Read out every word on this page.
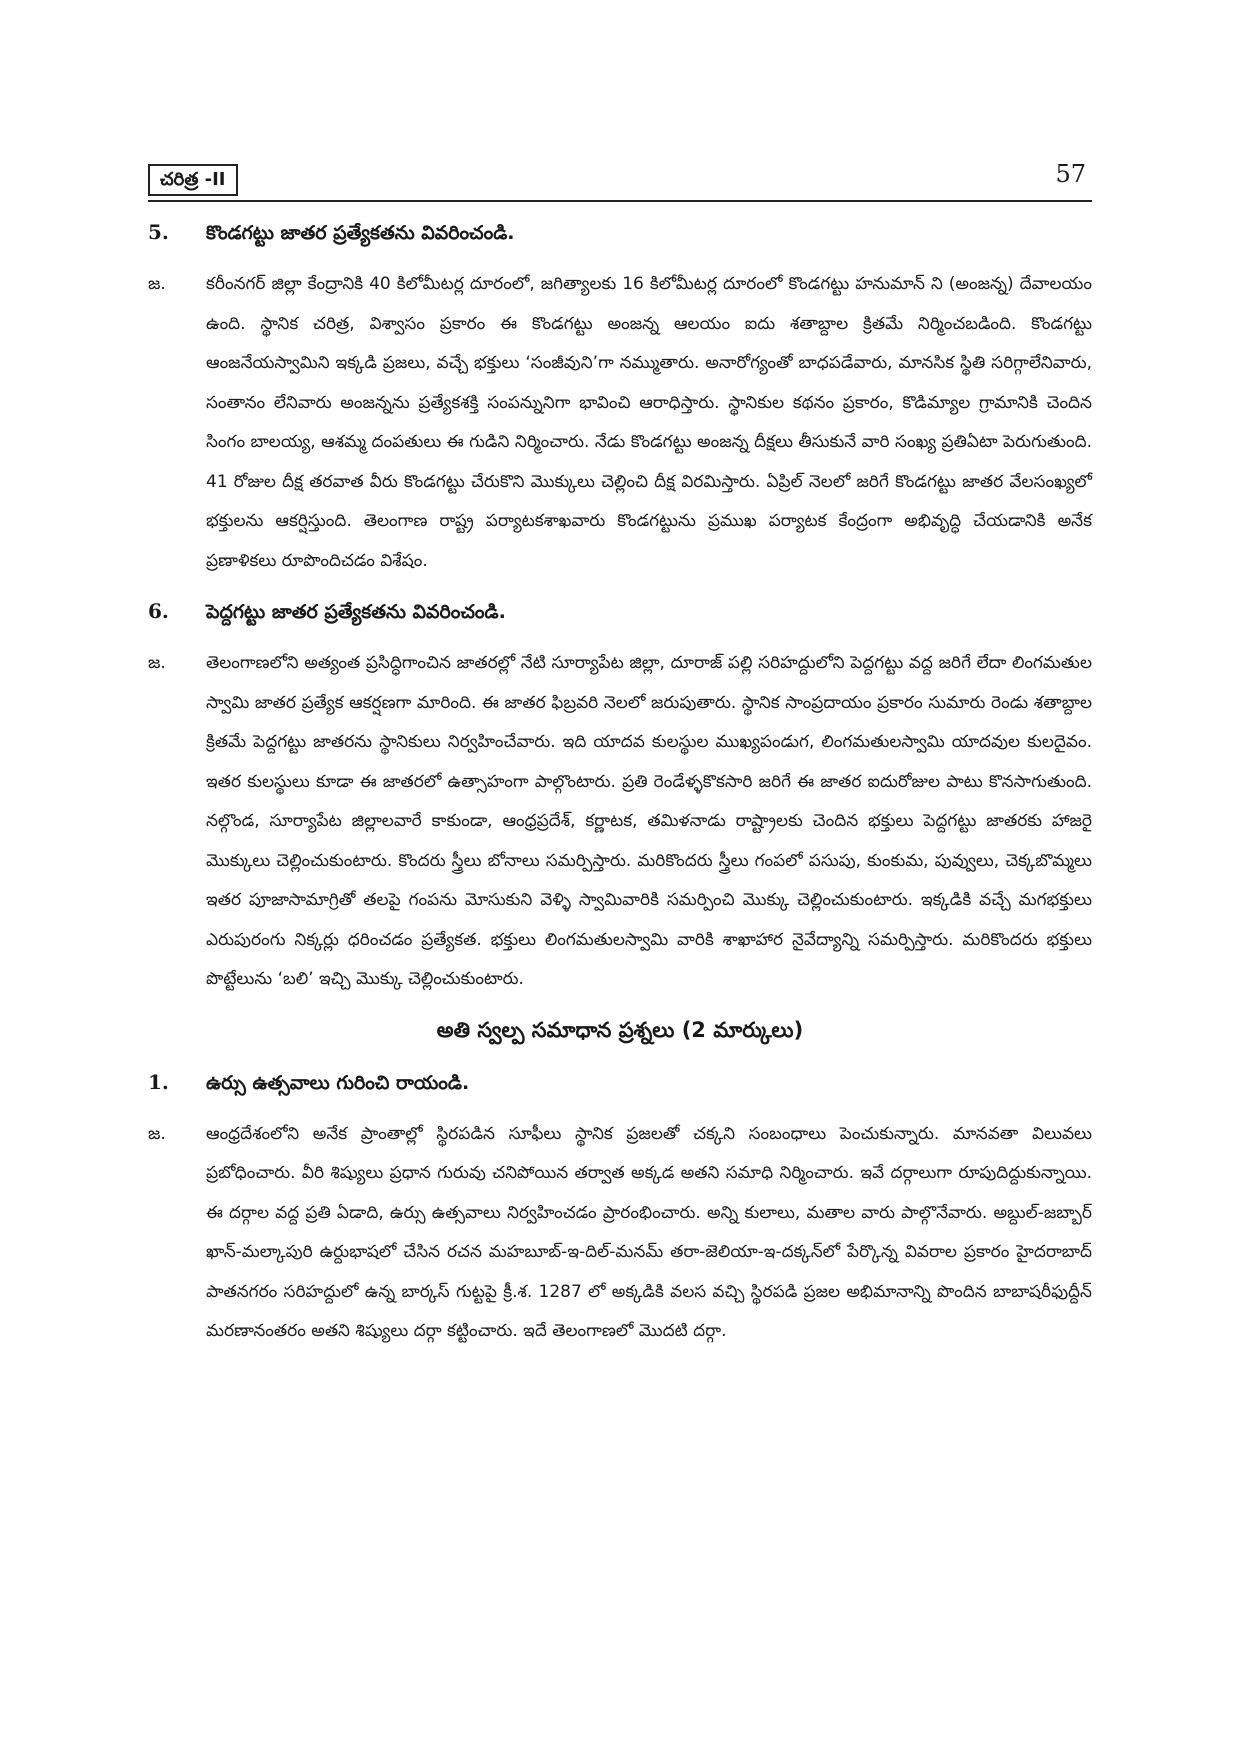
చరిత్ర -II	57
5.	కొండగట్టు జాతర ప్రత్యేకతను వివరించండి.
జ.	కరీంనగర్ జిల్లా కేంద్రానికి 40 కిలోమీటర్ల దూరంలో, జగిత్యాలకు 16 కిలోమీటర్ల దూరంలో కొండగట్టు హనుమాన్ ని (అంజన్న) దేవాలయం ఉంది. స్థానిక చరిత్ర, విశ్వాసం ప్రకారం ఈ కొండగట్టు అంజన్న ఆలయం ఐదు శతాబ్దాల క్రితమే నిర్మించబడింది. కొండగట్టు ఆంజనేయస్వామిని ఇక్కడి ప్రజలు, వచ్చే భక్తులు ‘సంజీవుని’గా నమ్ముతారు. అనారోగ్యంతో బాధపడేవారు, మానసిక స్థితి సరిగ్గాలేనివారు, సంతానం లేనివారు అంజన్నను ప్రత్యేకశక్తి సంపన్నునిగా భావించి ఆరాధిస్తారు. స్థానికుల కథనం ప్రకారం, కొడిమ్యాల గ్రామానికి చెందిన సింగం బాలయ్య, ఆశమ్మ దంపతులు ఈ గుడిని నిర్మించారు. నేడు కొండగట్టు అంజన్న దీక్షలు తీసుకునే వారి సంఖ్య ప్రతిఏటా పెరుగుతుంది. 41 రోజుల దీక్ష తరవాత వీరు కొండగట్టు చేరుకొని మొక్కులు చెల్లించి దీక్ష విరమిస్తారు. ఏప్రిల్ నెలలో జరిగే కొండగట్టు జాతర వేలసంఖ్యలో భక్తులను ఆకర్షిస్తుంది. తెలంగాణ రాష్ట్ర పర్యాటకశాఖవారు కొండగట్టును ప్రముఖ పర్యాటక కేంద్రంగా అభివృద్ధి చేయడానికి అనేక ప్రణాళికలు రూపొందిచడం విశేషం.
6.	పెద్దగట్టు జాతర ప్రత్యేకతను వివరించండి.
జ.	తెలంగాణలోని అత్యంత ప్రసిద్ధిగాంచిన జాతరల్లో నేటి సూర్యాపేట జిల్లా, దూరాజ్ పల్లి సరిహద్దులోని పెద్దగట్టు వద్ద జరిగే లేదా లింగమతుల స్వామి జాతర ప్రత్యేక ఆకర్షణగా మారింది. ఈ జాతర ఫిబ్రవరి నెలలో జరుపుతారు. స్థానిక సాంప్రదాయం ప్రకారం సుమారు రెండు శతాబ్దాల క్రితమే పెద్దగట్టు జాతరను స్థానికులు నిర్వహించేవారు. ఇది యాదవ కులస్థుల ముఖ్యపండుగ, లింగమతులస్వామి యాదవుల కులదైవం. ఇతర కులస్థులు కూడా ఈ జాతరలో ఉత్సాహంగా పాల్గొంటారు. ప్రతి రెండేళ్ళకొకసారి జరిగే ఈ జాతర ఐదురోజుల పాటు కొనసాగుతుంది. నల్గొండ, సూర్యాపేట జిల్లాలవారే కాకుండా, ఆంధ్రప్రదేశ్, కర్ణాటక, తమిళనాడు రాష్ట్రాలకు చెందిన భక్తులు పెద్దగట్టు జాతరకు హాజరై మొక్కులు చెల్లించుకుంటారు. కొందరు స్త్రీలు బోనాలు సమర్పిస్తారు. మరికొందరు స్త్రీలు గంపలో పసుపు, కుంకుమ, పువ్వులు, చెక్కబొమ్మలు ఇతర పూజాసామాగ్రితో తలపై గంపను మోసుకుని వెళ్ళి స్వామివారికి సమర్పించి మొక్కు చెల్లించుకుంటారు. ఇక్కడికి వచ్చే మగభక్తులు ఎరుపురంగు నిక్కర్లు ధరించడం ప్రత్యేకత. భక్తులు లింగమతులస్వామి వారికి శాఖాహార నైవేద్యాన్ని సమర్పిస్తారు. మరికొందరు భక్తులు పొట్టేలును ‘బలి’ ఇచ్చి మొక్కు చెల్లించుకుంటారు.
అతి స్వల్ప సమాధాన ప్రశ్నలు (2 మార్కులు)
1.	ఉర్సు ఉత్సవాలు గురించి రాయండి.
జ.	ఆంధ్రదేశంలోని అనేక ప్రాంతాల్లో స్థిరపడిన సూఫీలు స్థానిక ప్రజలతో చక్కని సంబంధాలు పెంచుకున్నారు. మానవతా విలువలు ప్రబోధించారు. వీరి శిష్యులు ప్రధాన గురువు చనిపోయిన తర్వాత అక్కడ అతని సమాధి నిర్మించారు. ఇవే దర్గాలుగా రూపుదిద్దుకున్నాయి. ఈ దర్గాల వద్ద ప్రతి ఏడాది, ఉర్సు ఉత్సవాలు నిర్వహించడం ప్రారంభించారు. అన్ని కులాలు, మతాల వారు పాల్గొనేవారు. అబ్దుల్-జబ్బార్ ఖాన్-మల్కాపురి ఉర్దుభాషలో చేసిన రచన మహబూబ్-ఇ-దిల్-మనమ్ తరా-జెలియా-ఇ-దక్కన్‌లో పేర్కొన్న వివరాల ప్రకారం హైదరాబాద్ పాతనగరం సరిహద్దులో ఉన్న బార్కస్ గుట్టపై క్రీ.శ. 1287 లో అక్కడికి వలస వచ్చి స్థిరపడి ప్రజల అభిమానాన్ని పొందిన బాబాషరీఫుద్దీన్ మరణానంతరం అతని శిష్యులు దర్గా కట్టించారు. ఇదే తెలంగాణలో మొదటి దర్గా.
